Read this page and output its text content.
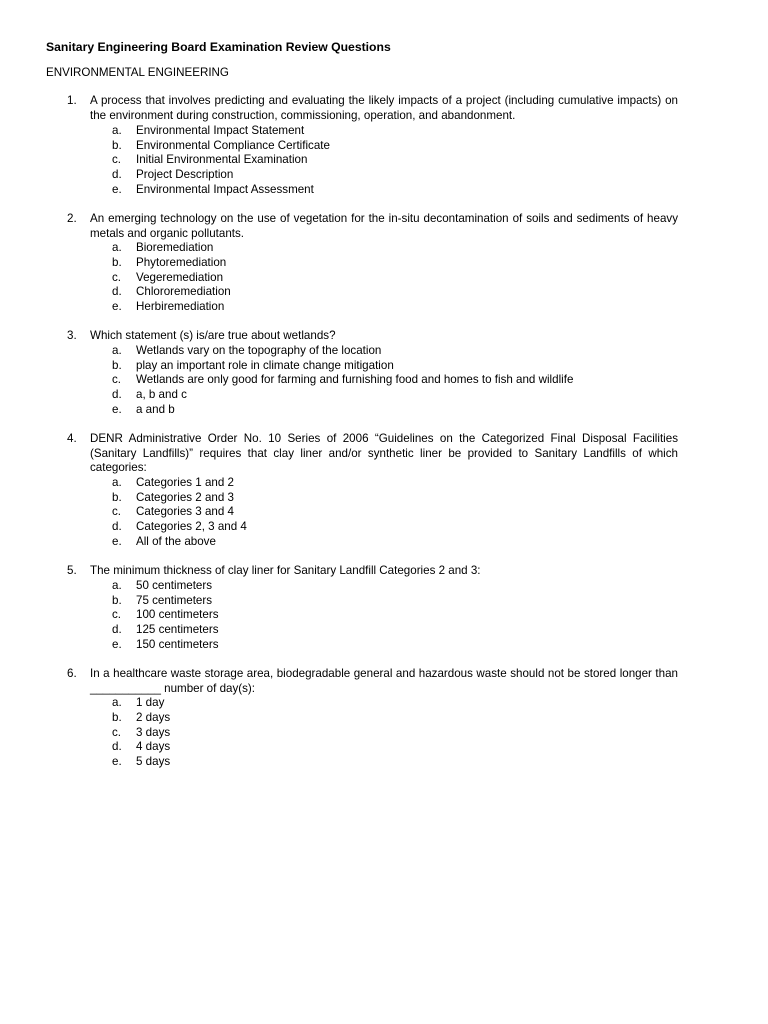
Sanitary Engineering Board Examination Review Questions
ENVIRONMENTAL ENGINEERING
1. A process that involves predicting and evaluating the likely impacts of a project (including cumulative impacts) on the environment during construction, commissioning, operation, and abandonment.
a. Environmental Impact Statement
b. Environmental Compliance Certificate
c. Initial Environmental Examination
d. Project Description
e. Environmental Impact Assessment
2. An emerging technology on the use of vegetation for the in-situ decontamination of soils and sediments of heavy metals and organic pollutants.
a. Bioremediation
b. Phytoremediation
c. Vegeremediation
d. Chlororemediation
e. Herbiremediation
3. Which statement (s) is/are true about wetlands?
a. Wetlands vary on the topography of the location
b. play an important role in climate change mitigation
c. Wetlands are only good for farming and furnishing food and homes to fish and wildlife
d. a, b and c
e. a and b
4. DENR Administrative Order No. 10 Series of 2006 “Guidelines on the Categorized Final Disposal Facilities (Sanitary Landfills)” requires that clay liner and/or synthetic liner be provided to Sanitary Landfills of which categories:
a. Categories 1 and 2
b. Categories 2 and 3
c. Categories 3 and 4
d. Categories 2, 3 and 4
e. All of the above
5. The minimum thickness of clay liner for Sanitary Landfill Categories 2 and 3:
a. 50 centimeters
b. 75 centimeters
c. 100 centimeters
d. 125 centimeters
e. 150 centimeters
6. In a healthcare waste storage area, biodegradable general and hazardous waste should not be stored longer than ___________ number of day(s):
a. 1 day
b. 2 days
c. 3 days
d. 4 days
e. 5 days
